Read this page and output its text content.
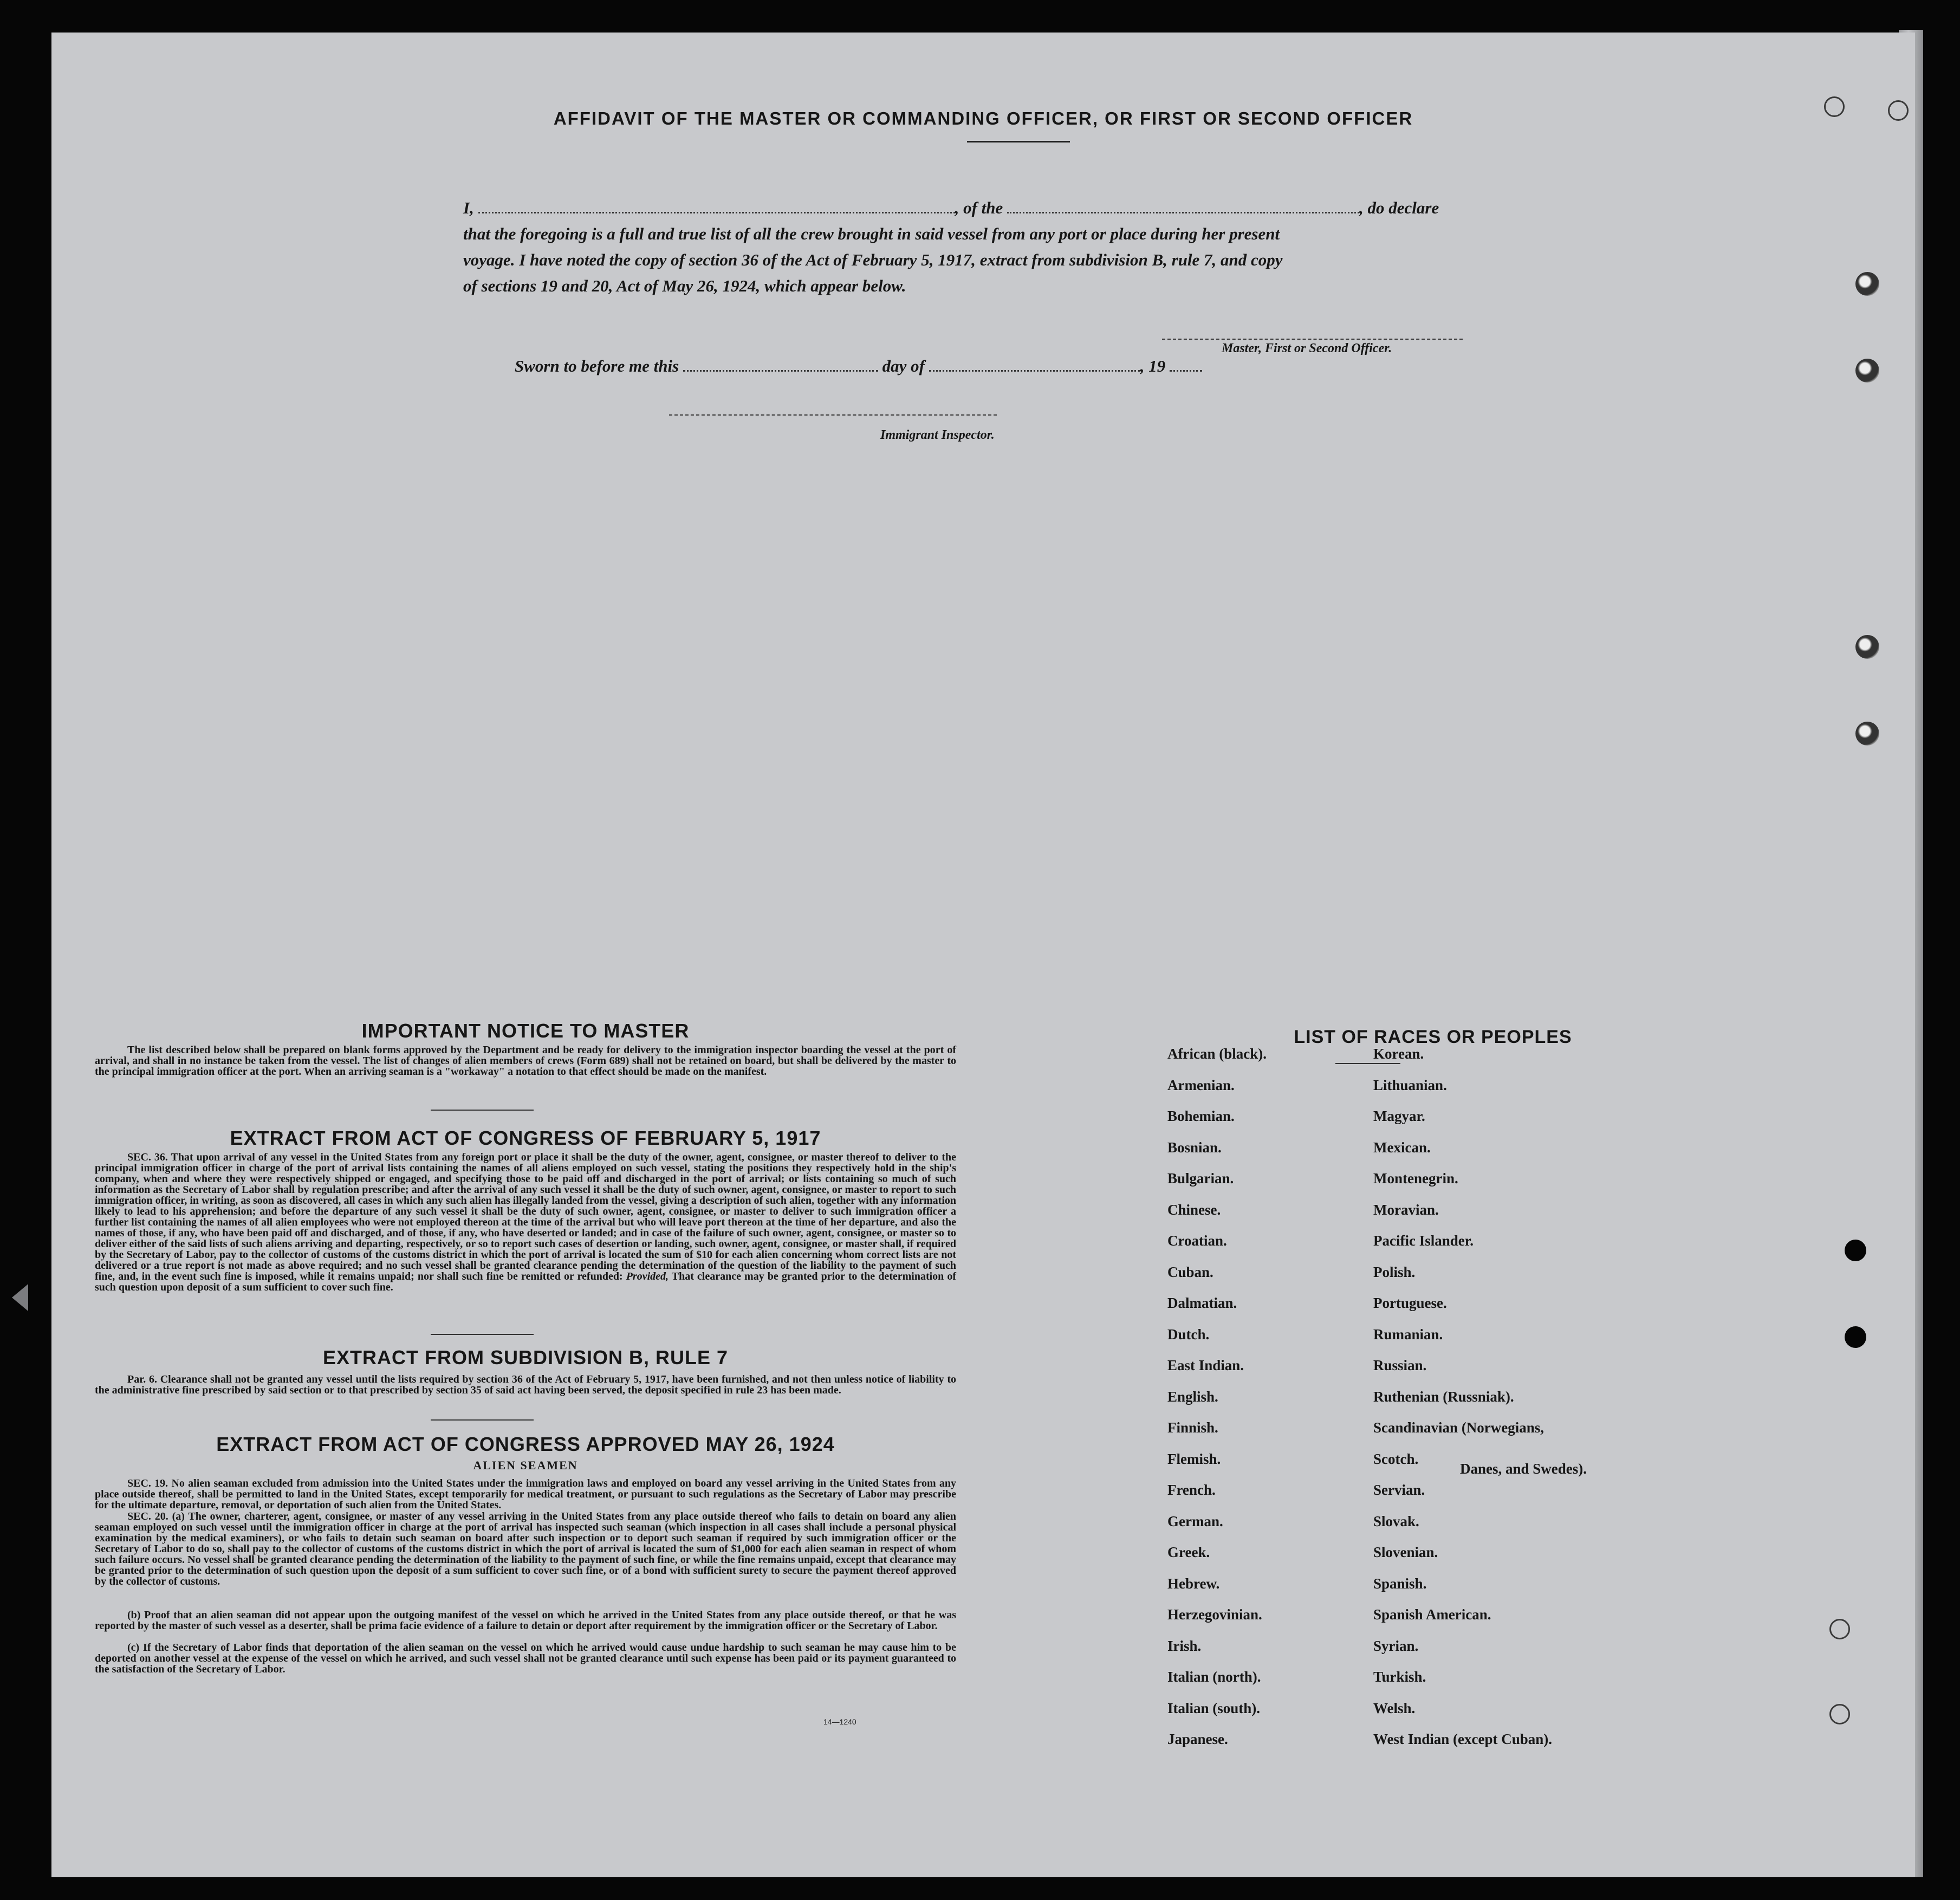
AFFIDAVIT OF THE MASTER OR COMMANDING OFFICER, OR FIRST OR SECOND OFFICER
I,	, of the	, do declare
that the foregoing is a full and true list of all the crew brought in said vessel from any port or place during her present
voyage. I have noted the copy of section 36 of the Act of February 5, 1917, extract from subdivision B, rule 7, and copy
of sections 19 and 20, Act of May 26, 1924, which appear below.
Master, First or Second Officer.
Sworn to before me this	day of	, 19
Immigrant Inspector.
IMPORTANT NOTICE TO MASTER
The list described below shall be prepared on blank forms approved by the Department and be ready for delivery to the immigration inspector boarding the vessel at the port of arrival, and shall in no instance be taken from the vessel. The list of changes of alien members of crews (Form 689) shall not be retained on board, but shall be delivered by the master to the principal immigration officer at the port. When an arriving seaman is a "workaway" a notation to that effect should be made on the manifest.
EXTRACT FROM ACT OF CONGRESS OF FEBRUARY 5, 1917
SEC. 36. That upon arrival of any vessel in the United States from any foreign port or place it shall be the duty of the owner, agent, consignee, or master thereof to deliver to the principal immigration officer in charge of the port of arrival lists containing the names of all aliens employed on such vessel, stating the positions they respectively hold in the ship's company, when and where they were respectively shipped or engaged, and specifying those to be paid off and discharged in the port of arrival; or lists containing so much of such information as the Secretary of Labor shall by regulation prescribe; and after the arrival of any such vessel it shall be the duty of such owner, agent, consignee, or master to report to such immigration officer, in writing, as soon as discovered, all cases in which any such alien has illegally landed from the vessel, giving a description of such alien, together with any information likely to lead to his apprehension; and before the departure of any such vessel it shall be the duty of such owner, agent, consignee, or master to deliver to such immigration officer a further list containing the names of all alien employees who were not employed thereon at the time of the arrival but who will leave port thereon at the time of her departure, and also the names of those, if any, who have been paid off and discharged, and of those, if any, who have deserted or landed; and in case of the failure of such owner, agent, consignee, or master so to deliver either of the said lists of such aliens arriving and departing, respectively, or so to report such cases of desertion or landing, such owner, agent, consignee, or master shall, if required by the Secretary of Labor, pay to the collector of customs of the customs district in which the port of arrival is located the sum of $10 for each alien concerning whom correct lists are not delivered or a true report is not made as above required; and no such vessel shall be granted clearance pending the determination of the question of the liability to the payment of such fine, and, in the event such fine is imposed, while it remains unpaid; nor shall such fine be remitted or refunded: Provided, That clearance may be granted prior to the determination of such question upon deposit of a sum sufficient to cover such fine.
EXTRACT FROM SUBDIVISION B, RULE 7
Par. 6. Clearance shall not be granted any vessel until the lists required by section 36 of the Act of February 5, 1917, have been furnished, and not then unless notice of liability to the administrative fine prescribed by said section or to that prescribed by section 35 of said act having been served, the deposit specified in rule 23 has been made.
EXTRACT FROM ACT OF CONGRESS APPROVED MAY 26, 1924
ALIEN SEAMEN
SEC. 19. No alien seaman excluded from admission into the United States under the immigration laws and employed on board any vessel arriving in the United States from any place outside thereof, shall be permitted to land in the United States, except temporarily for medical treatment, or pursuant to such regulations as the Secretary of Labor may prescribe for the ultimate departure, removal, or deportation of such alien from the United States.
SEC. 20. (a) The owner, charterer, agent, consignee, or master of any vessel arriving in the United States from any place outside thereof who fails to detain on board any alien seaman employed on such vessel until the immigration officer in charge at the port of arrival has inspected such seaman (which inspection in all cases shall include a personal physical examination by the medical examiners), or who fails to detain such seaman on board after such inspection or to deport such seaman if required by such immigration officer or the Secretary of Labor to do so, shall pay to the collector of customs of the customs district in which the port of arrival is located the sum of $1,000 for each alien seaman in respect of whom such failure occurs. No vessel shall be granted clearance pending the determination of the liability to the payment of such fine, or while the fine remains unpaid, except that clearance may be granted prior to the determination of such question upon the deposit of a sum sufficient to cover such fine, or of a bond with sufficient surety to secure the payment thereof approved by the collector of customs.
(b) Proof that an alien seaman did not appear upon the outgoing manifest of the vessel on which he arrived in the United States from any place outside thereof, or that he was reported by the master of such vessel as a deserter, shall be prima facie evidence of a failure to detain or deport after requirement by the immigration officer or the Secretary of Labor.
(c) If the Secretary of Labor finds that deportation of the alien seaman on the vessel on which he arrived would cause undue hardship to such seaman he may cause him to be deported on another vessel at the expense of the vessel on which he arrived, and such vessel shall not be granted clearance until such expense has been paid or its payment guaranteed to the satisfaction of the Secretary of Labor.
14—1240
LIST OF RACES OR PEOPLES
Danes, and Swedes).
African (black).
Armenian.
Bohemian.
Bosnian.
Bulgarian.
Chinese.
Croatian.
Cuban.
Dalmatian.
Dutch.
East Indian.
English.
Finnish.
Flemish.
French.
German.
Greek.
Hebrew.
Herzegovinian.
Irish.
Italian (north).
Italian (south).
Japanese.
Korean.
Lithuanian.
Magyar.
Mexican.
Montenegrin.
Moravian.
Pacific Islander.
Polish.
Portuguese.
Rumanian.
Russian.
Ruthenian (Russniak).
Scandinavian (Norwegians,
Scotch.
Servian.
Slovak.
Slovenian.
Spanish.
Spanish American.
Syrian.
Turkish.
Welsh.
West Indian (except Cuban).
